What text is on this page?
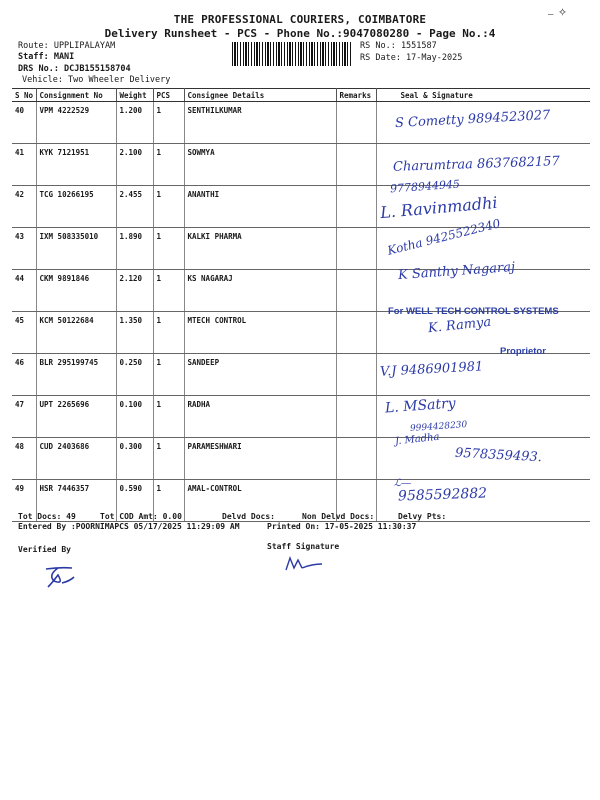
✧
―
THE PROFESSIONAL COURIERS, COIMBATORE
Delivery Runsheet - PCS - Phone No.:9047080280 - Page No.:4
Route: UPPLIPALAYAM
Staff: MANI
DRS No.: DCJB155158704
Vehicle: Two Wheeler Delivery
RS No.: 1551587
RS Date: 17-May-2025
S No	Consignment No	Weight	PCS	Consignee Details	Remarks	Seal & Signature
40	VPM 4222529	1.200	1	SENTHILKUMAR		
41	KYK 7121951	2.100	1	SOWMYA		
42	TCG 10266195	2.455	1	ANANTHI		
43	IXM 508335010	1.890	1	KALKI PHARMA		
44	CKM 9891846	2.120	1	KS NAGARAJ		
45	KCM 50122684	1.350	1	MTECH CONTROL		
46	BLR 295199745	0.250	1	SANDEEP		
47	UPT 2265696	0.100	1	RADHA		
48	CUD 2403686	0.300	1	PARAMESHWARI		
49	HSR 7446357	0.590	1	AMAL-CONTROL		
S Cometty 9894523027
Charumtraa 8637682157
9778944945
L. Ravinmadhi
Kotha 9425522340
K Santhy Nagaraj
For WELL TECH CONTROL SYSTEMS
K. Ramya
Proprietor
V.J 9486901981
L. MSatry
9994428230
J. Madha
9578359493.
ℒ—
9585592882
Tot Docs: 49	Tot COD Amt: 0.00	Delvd Docs:	Non Delvd Docs:	Delvy Pts:
Entered By :POORNIMAPCS 05/17/2025 11:29:09 AM	Printed On: 17-05-2025 11:30:37
Verified By	Staff Signature
